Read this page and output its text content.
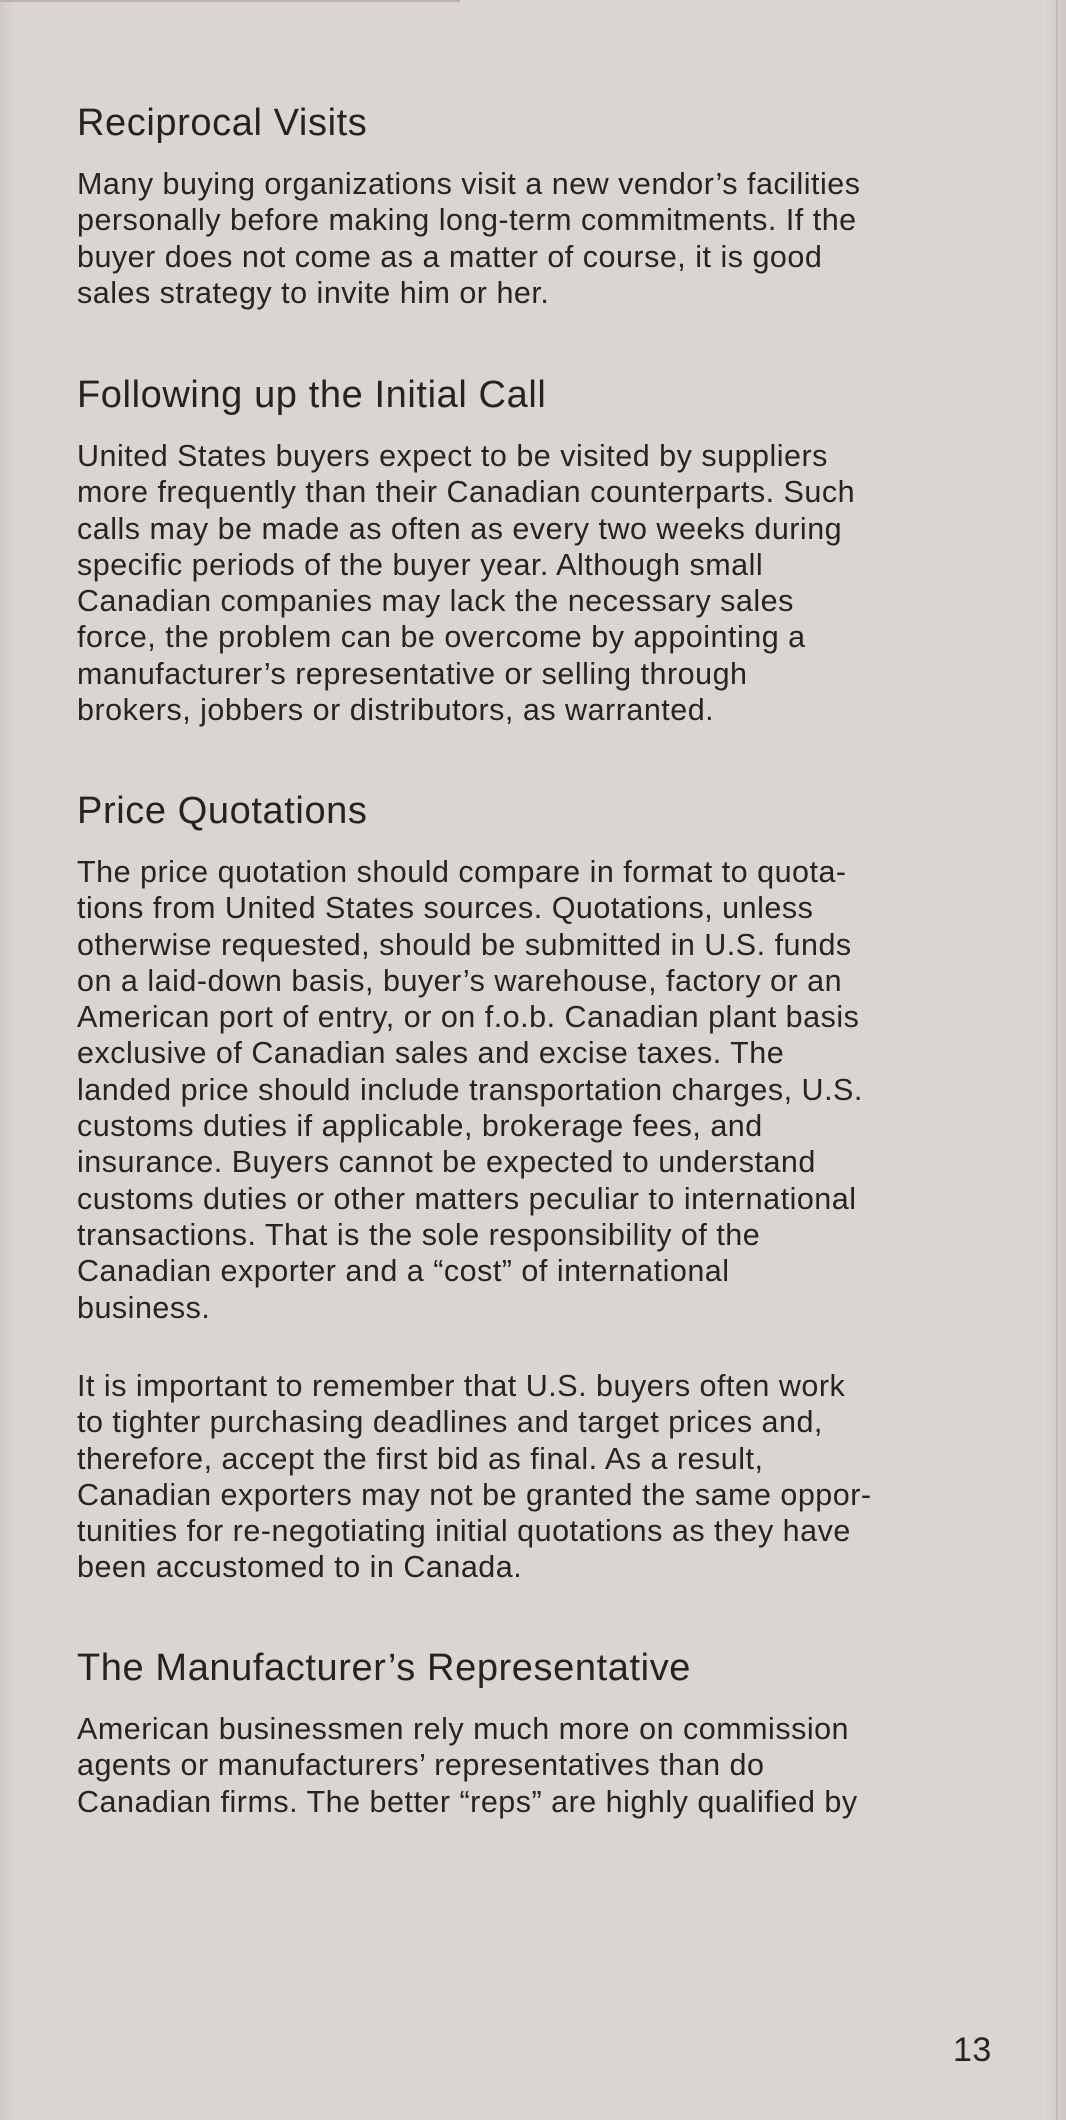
Reciprocal Visits

Many buying organizations visit a new vendor’s facilities
personally before making long-term commitments. If the
buyer does not come as a matter of course, it is good
sales strategy to invite him or her.

Following up the Initial Call

United States buyers expect to be visited by suppliers
more frequently than their Canadian counterparts. Such
calls may be made as often as every two weeks during
specific periods of the buyer year. Although small
Canadian companies may lack the necessary sales
force, the problem can be overcome by appointing a
manufacturer’s representative or selling through
brokers, jobbers or distributors, as warranted.

Price Quotations

The price quotation should compare in format to quota-
tions from United States sources. Quotations, unless
otherwise requested, should be submitted in U.S. funds
on a laid-down basis, buyer’s warehouse, factory or an
American port of entry, or on f.o.b. Canadian plant basis
exclusive of Canadian sales and excise taxes. The
landed price should include transportation charges, U.S.
customs duties if applicable, brokerage fees, and
insurance. Buyers cannot be expected to understand
customs duties or other matters peculiar to international
transactions. That is the sole responsibility of the
Canadian exporter and a “cost” of international
business.

It is important to remember that U.S. buyers often work
to tighter purchasing deadlines and target prices and,
therefore, accept the first bid as final. As a result,
Canadian exporters may not be granted the same oppor-
tunities for re-negotiating initial quotations as they have
been accustomed to in Canada.

The Manufacturer’s Representative

American businessmen rely much more on commission
agents or manufacturers’ representatives than do
Canadian firms. The better “reps” are highly qualified by

13
